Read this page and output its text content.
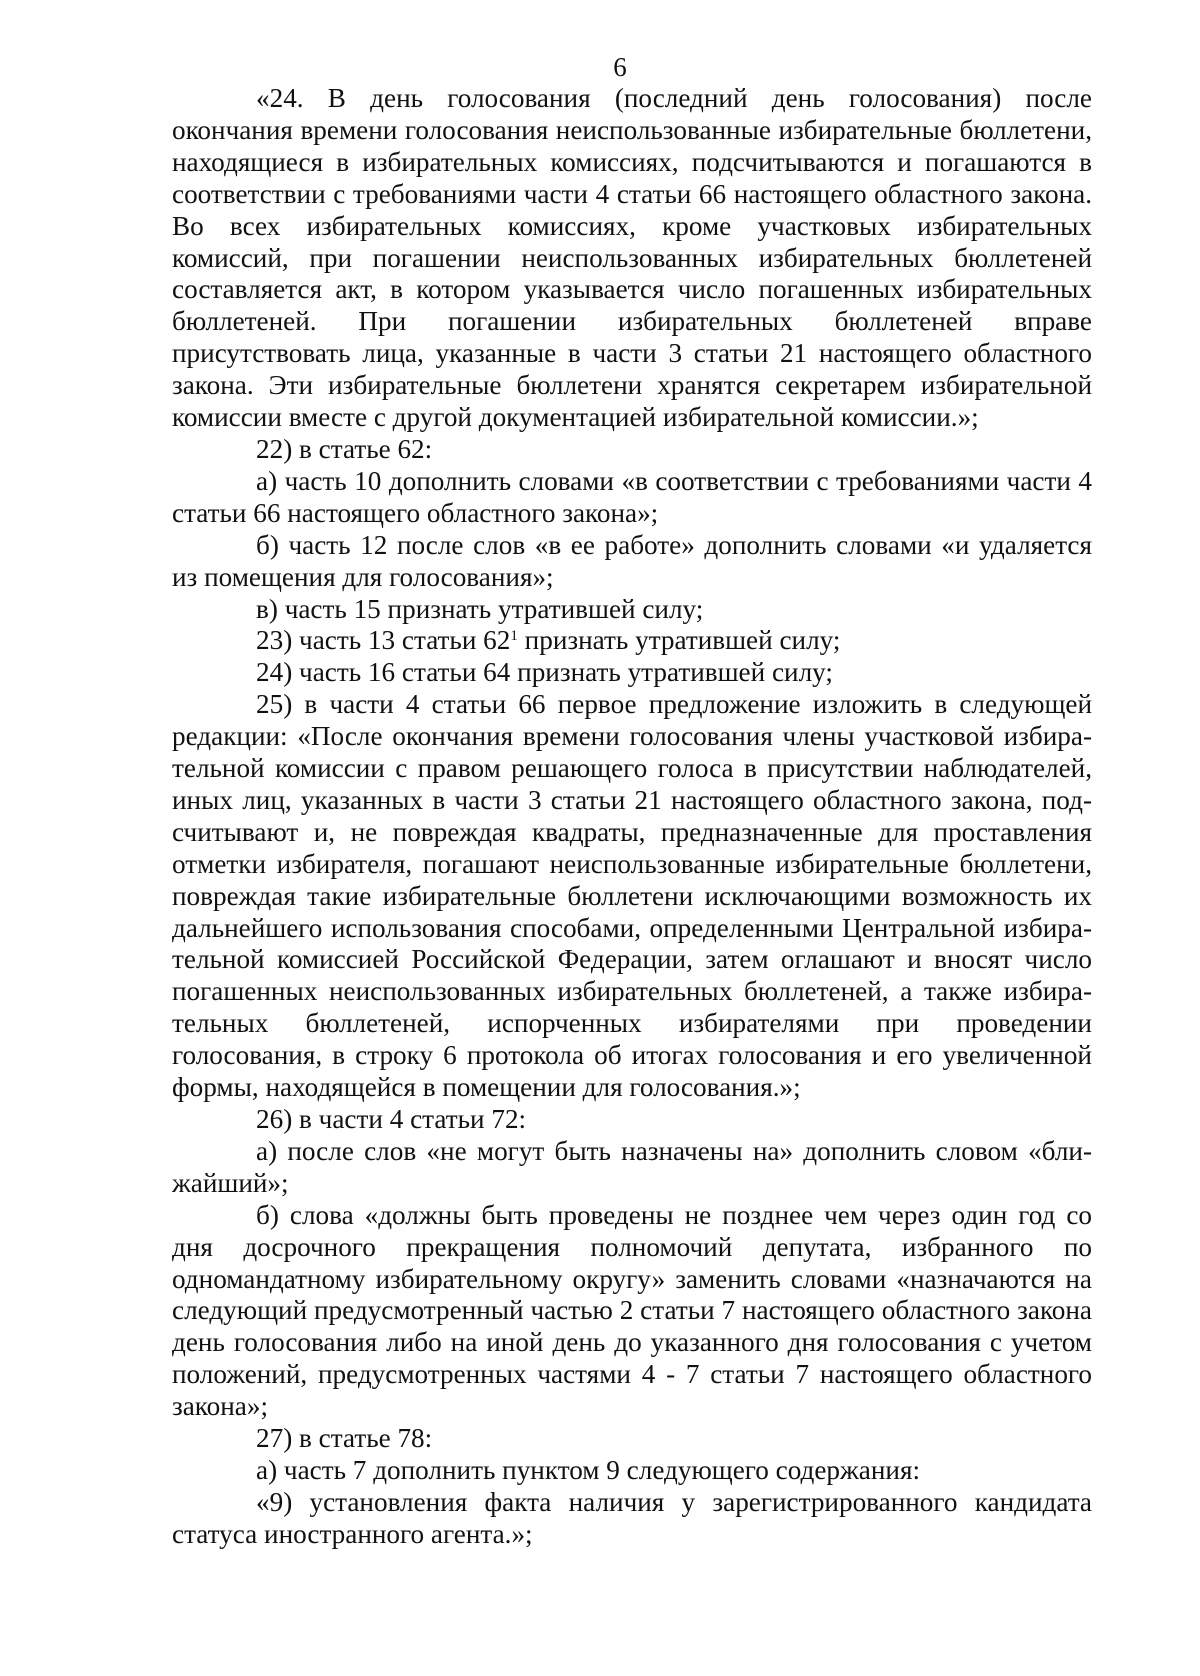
6

«24. В день голосования (последний день голосования) после окончания времени голосования неиспользованные избирательные бюллетени, находящиеся в избирательных комиссиях, подсчитываются и погашаются в соответствии с требованиями части 4 статьи 66 настоящего областного закона. Во всех избирательных комиссиях, кроме участковых избирательных комиссий, при погашении неиспользованных избирательных бюллетеней составляется акт, в котором указывается число погашенных избирательных бюллетеней. При погашении избирательных бюллетеней вправе присутствовать лица, указанные в части 3 статьи 21 настоящего областного закона. Эти избирательные бюллетени хранятся секретарем избирательной комиссии вместе с другой документацией избирательной комиссии.»;

22) в статье 62:

а) часть 10 дополнить словами «в соответствии с требованиями части 4 статьи 66 настоящего областного закона»;

б) часть 12 после слов «в ее работе» дополнить словами «и удаляется из помещения для голосования»;

в) часть 15 признать утратившей силу;

23) часть 13 статьи $62^1$ признать утратившей силу;

24) часть 16 статьи 64 признать утратившей силу;

25) в части 4 статьи 66 первое предложение изложить в следующей редакции: «После окончания времени голосования члены участковой избирательной комиссии с правом решающего голоса в присутствии наблюдателей, иных лиц, указанных в части 3 статьи 21 настоящего областного закона, подсчитывают и, не повреждая квадраты, предназначенные для проставления отметки избирателя, погашают неиспользованные избирательные бюллетени, повреждая такие избирательные бюллетени исключающими возможность их дальнейшего использования способами, определенными Центральной избирательной комиссией Российской Федерации, затем оглашают и вносят число погашенных неиспользованных избирательных бюллетеней, а также избирательных бюллетеней, испорченных избирателями при проведении голосования, в строку 6 протокола об итогах голосования и его увеличенной формы, находящейся в помещении для голосования.»;

26) в части 4 статьи 72:

а) после слов «не могут быть назначены на» дополнить словом «ближайший»;

б) слова «должны быть проведены не позднее чем через один год со дня досрочного прекращения полномочий депутата, избранного по одномандатному избирательному округу» заменить словами «назначаются на следующий предусмотренный частью 2 статьи 7 настоящего областного закона день голосования либо на иной день до указанного дня голосования с учетом положений, предусмотренных частями 4 - 7 статьи 7 настоящего областного закона»;

27) в статье 78:

а) часть 7 дополнить пунктом 9 следующего содержания:

«9) установления факта наличия у зарегистрированного кандидата статуса иностранного агента.»;
